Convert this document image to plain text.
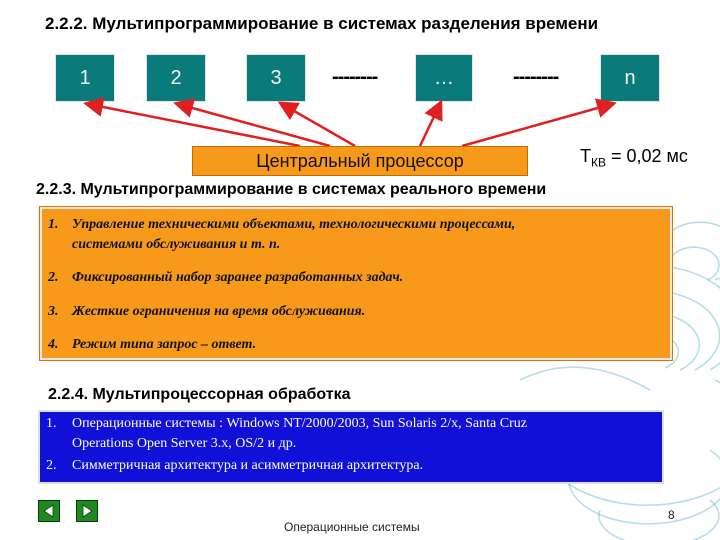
2.2.2. Мультипрограммирование в системах разделения времени
1	2	3	--------	…	--------	n
Центральный процессор	$Т_{КВ} = 0,02$ мс
2.2.3. Мультипрограммирование в системах реального времени
1. Управление техническими объектами, технологическими процессами,
системами обслуживания и т. п.
2. Фиксированный набор заранее разработанных задач.
3. Жесткие ограничения на время обслуживания.
4. Режим типа запрос – ответ.
2.2.4. Мультипроцессорная обработка
1. Операционные системы : Windows NT/2000/2003, Sun Solaris 2/x, Santa Cruz
Operations Open Server 3.x, OS/2 и др.
2. Симметричная архитектура и асимметричная архитектура.
Операционные системы
8
